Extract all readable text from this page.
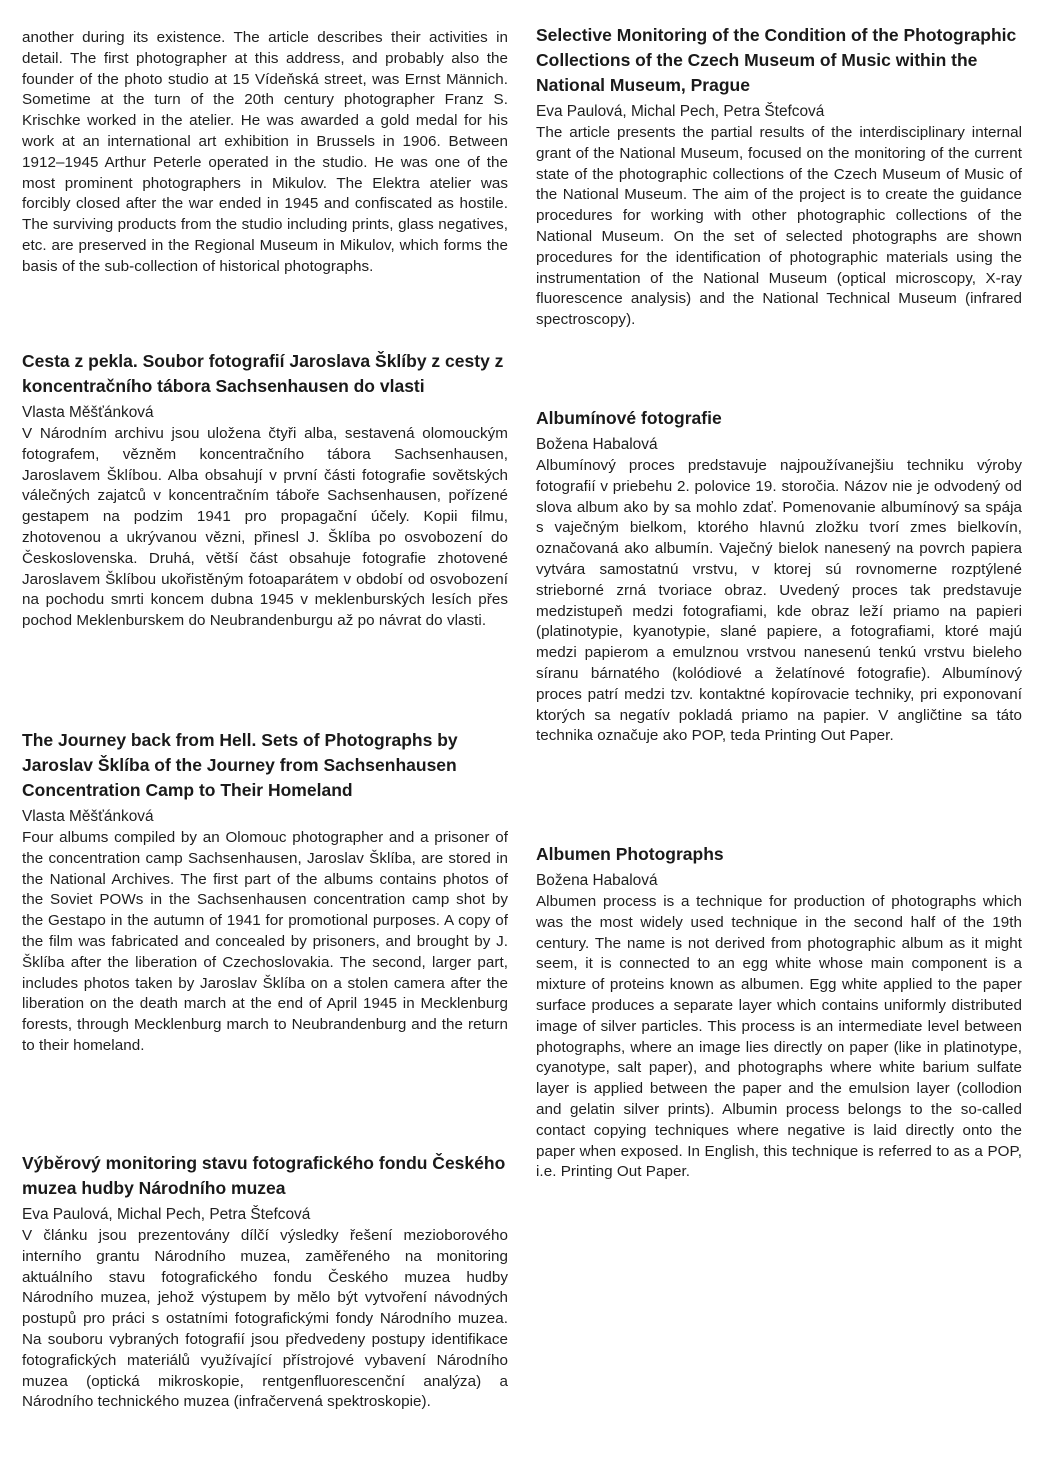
another during its existence. The article describes their activities in detail. The first photographer at this address, and probably also the founder of the photo studio at 15 Vídeňská street, was Ernst Männich. Sometime at the turn of the 20th century photographer Franz S. Krischke worked in the atelier. He was awarded a gold medal for his work at an international art exhibition in Brussels in 1906. Between 1912–1945 Arthur Peterle operated in the studio. He was one of the most prominent photographers in Mikulov. The Elektra atelier was forcibly closed after the war ended in 1945 and confiscated as hostile. The surviving products from the studio including prints, glass negatives, etc. are preserved in the Regional Museum in Mikulov, which forms the basis of the sub-collection of historical photographs.

Cesta z pekla. Soubor fotografií Jaroslava Šklíby z cesty z koncentračního tábora Sachsenhausen do vlasti
Vlasta Měšťánková

V Národním archivu jsou uložena čtyři alba, sestavená olomouckým fotografem, vězněm koncentračního tábora Sachsenhausen, Jaroslavem Šklíbou. Alba obsahují v první části fotografie sovětských válečných zajatců v koncentračním táboře Sachsenhausen, pořízené gestapem na podzim 1941 pro propagační účely. Kopii filmu, zhotovenou a ukrývanou vězni, přinesl J. Šklíba po osvobození do Československa. Druhá, větší část obsahuje fotografie zhotovené Jaroslavem Šklíbou ukořistěným fotoaparátem v období od osvobození na pochodu smrti koncem dubna 1945 v meklenburských lesích přes pochod Meklenburskem do Neubrandenburgu až po návrat do vlasti.

The Journey back from Hell. Sets of Photographs by Jaroslav Šklíba of the Journey from Sachsenhausen Concentration Camp to Their Homeland
Vlasta Měšťánková

Four albums compiled by an Olomouc photographer and a prisoner of the concentration camp Sachsenhausen, Jaroslav Šklíba, are stored in the National Archives. The first part of the albums contains photos of the Soviet POWs in the Sachsenhausen concentration camp shot by the Gestapo in the autumn of 1941 for promotional purposes. A copy of the film was fabricated and concealed by prisoners, and brought by J. Šklíba after the liberation of Czechoslovakia. The second, larger part, includes photos taken by Jaroslav Šklíba on a stolen camera after the liberation on the death march at the end of April 1945 in Mecklenburg forests, through Mecklenburg march to Neubrandenburg and the return to their homeland.

Výběrový monitoring stavu fotografického fondu Českého muzea hudby Národního muzea
Eva Paulová, Michal Pech, Petra Štefcová

V článku jsou prezentovány dílčí výsledky řešení mezioborového interního grantu Národního muzea, zaměřeného na monitoring aktuálního stavu fotografického fondu Českého muzea hudby Národního muzea, jehož výstupem by mělo být vytvoření návodných postupů pro práci s ostatními fotografickými fondy Národního muzea. Na souboru vybraných fotografií jsou předvedeny postupy identifikace fotografických materiálů využívající přístrojové vybavení Národního muzea (optická mikroskopie, rentgenfluorescenční analýza) a Národního technického muzea (infračervená spektroskopie).

Selective Monitoring of the Condition of the Photographic Collections of the Czech Museum of Music within the National Museum, Prague
Eva Paulová, Michal Pech, Petra Štefcová

The article presents the partial results of the interdisciplinary internal grant of the National Museum, focused on the monitoring of the current state of the photographic collections of the Czech Museum of Music of the National Museum. The aim of the project is to create the guidance procedures for working with other photographic collections of the National Museum. On the set of selected photographs are shown procedures for the identification of photographic materials using the instrumentation of the National Museum (optical microscopy, X-ray fluorescence analysis) and the National Technical Museum (infrared spectroscopy).

Albumínové fotografie
Božena Habalová

Albumínový proces predstavuje najpoužívanejšiu techniku výroby fotografií v priebehu 2. polovice 19. storočia. Názov nie je odvodený od slova album ako by sa mohlo zdať. Pomenovanie albumínový sa spája s vaječným bielkom, ktorého hlavnú zložku tvorí zmes bielkovín, označovaná ako albumín. Vaječný bielok nanesený na povrch papiera vytvára samostatnú vrstvu, v ktorej sú rovnomerne rozptýlené strieborné zrná tvoriace obraz. Uvedený proces tak predstavuje medzistupeň medzi fotografiami, kde obraz leží priamo na papieri (platinotypie, kyanotypie, slané papiere, a fotografiami, ktoré majú medzi papierom a emulznou vrstvou nanesenú tenkú vrstvu bieleho síranu bárnatého (kolódiové a želatínové fotografie). Albumínový proces patrí medzi tzv. kontaktné kopírovacie techniky, pri exponovaní ktorých sa negatív pokladá priamo na papier. V angličtine sa táto technika označuje ako POP, teda Printing Out Paper.

Albumen Photographs
Božena Habalová

Albumen process is a technique for production of photographs which was the most widely used technique in the second half of the 19th century. The name is not derived from photographic album as it might seem, it is connected to an egg white whose main component is a mixture of proteins known as albumen. Egg white applied to the paper surface produces a separate layer which contains uniformly distributed image of silver particles. This process is an intermediate level between photographs, where an image lies directly on paper (like in platinotype, cyanotype, salt paper), and photographs where white barium sulfate layer is applied between the paper and the emulsion layer (collodion and gelatin silver prints). Albumin process belongs to the so-called contact copying techniques where negative is laid directly onto the paper when exposed. In English, this technique is referred to as a POP, i.e. Printing Out Paper.
